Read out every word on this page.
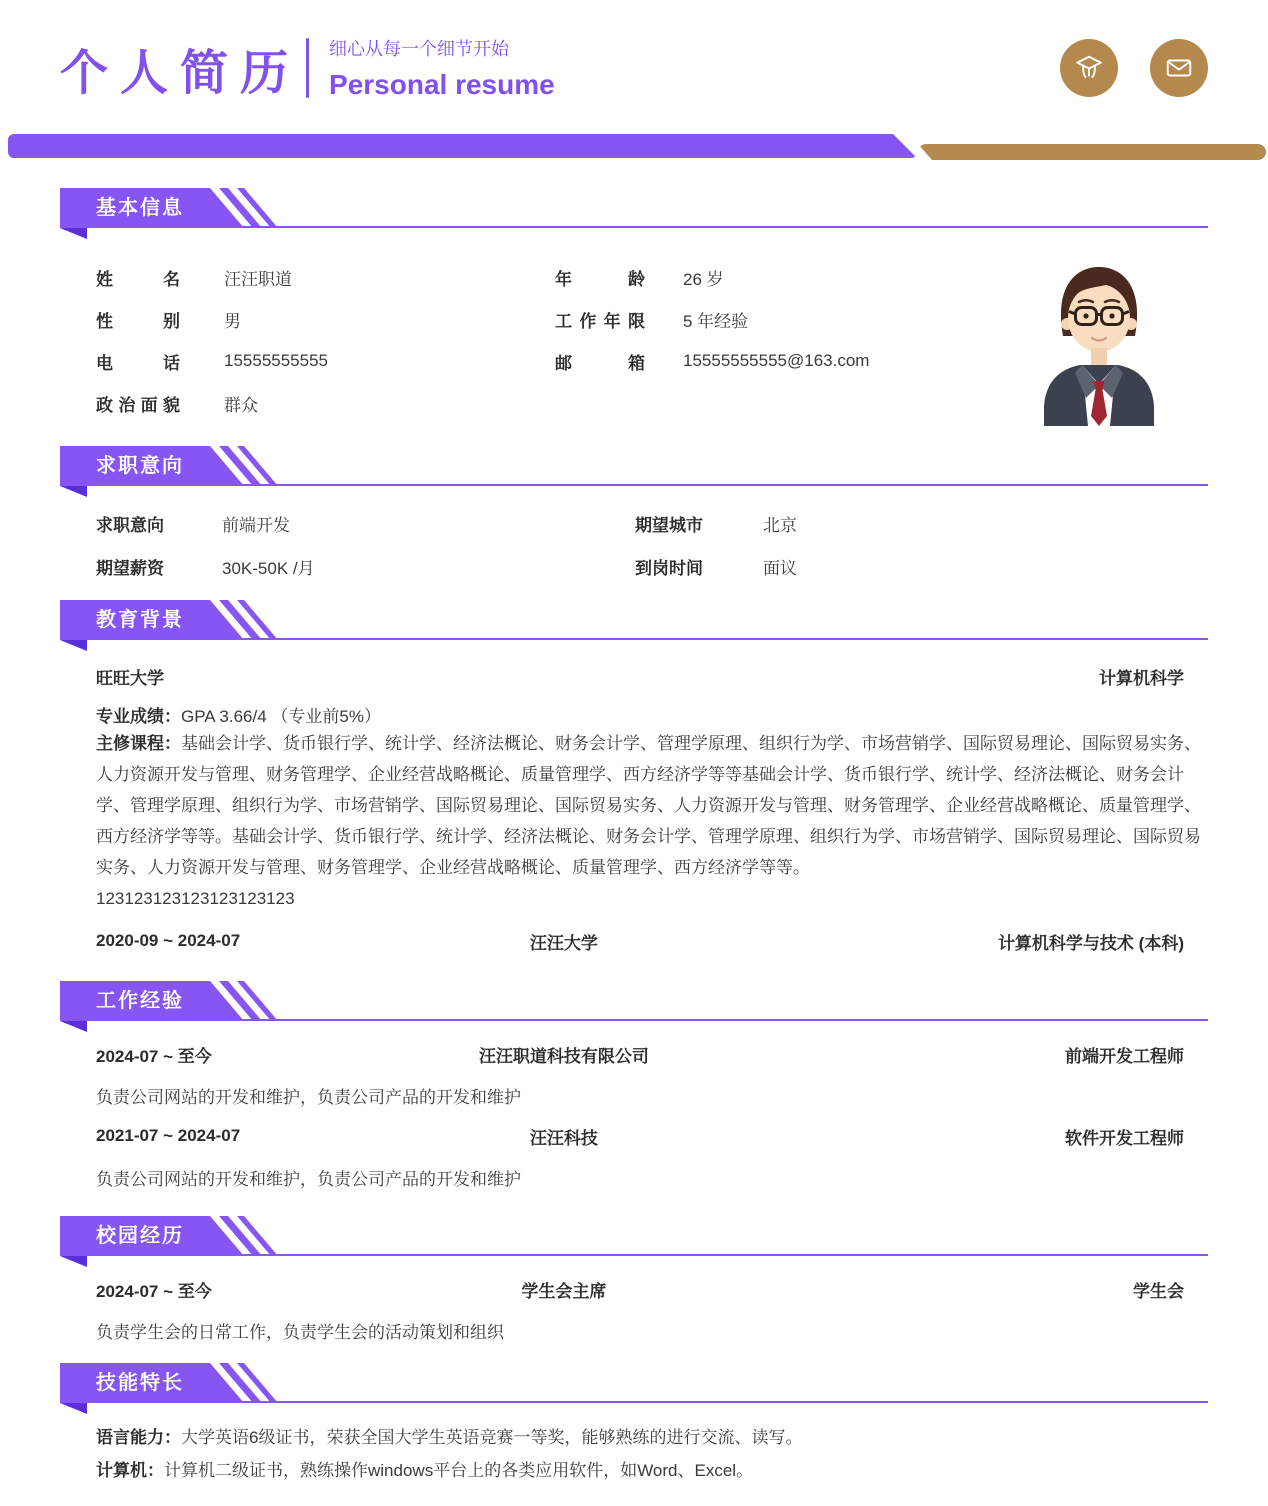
个人简历 细心从每一个细节开始
Personal resume
基本信息
姓名	汪汪职道
性别	男
电话	15555555555
政治面貌	群众
年龄 26 岁
工作年限 5 年经验
邮箱 15555555555@163.com
求职意向
求职意向	前端开发
期望薪资	30K-50K /月
期望城市	北京
到岗时间	面议
教育背景
旺旺大学	计算机科学
专业成绩：GPA 3.66/4 （专业前5%）
主修课程：基础会计学、货币银行学、统计学、经济法概论、财务会计学、管理学原理、组织行为学、市场营销学、国际贸易理论、国际贸易实务、人力资源开发与管理、财务管理学、企业经营战略概论、质量管理学、西方经济学等等基础会计学、货币银行学、统计学、经济法概论、财务会计学、管理学原理、组织行为学、市场营销学、国际贸易理论、国际贸易实务、人力资源开发与管理、财务管理学、企业经营战略概论、质量管理学、西方经济学等等。基础会计学、货币银行学、统计学、经济法概论、财务会计学、管理学原理、组织行为学、市场营销学、国际贸易理论、国际贸易实务、人力资源开发与管理、财务管理学、企业经营战略概论、质量管理学、西方经济学等等。
123123123123123123123
2020-09 ~ 2024-07	汪汪大学	计算机科学与技术 (本科)
工作经验
2024-07 ~ 至今	汪汪职道科技有限公司	前端开发工程师
负责公司网站的开发和维护，负责公司产品的开发和维护
2021-07 ~ 2024-07	汪汪科技	软件开发工程师
负责公司网站的开发和维护，负责公司产品的开发和维护
校园经历
2024-07 ~ 至今	学生会主席	学生会
负责学生会的日常工作，负责学生会的活动策划和组织
技能特长
语言能力：大学英语6级证书，荣获全国大学生英语竞赛一等奖，能够熟练的进行交流、读写。
计算机：计算机二级证书，熟练操作windows平台上的各类应用软件，如Word、Excel。
